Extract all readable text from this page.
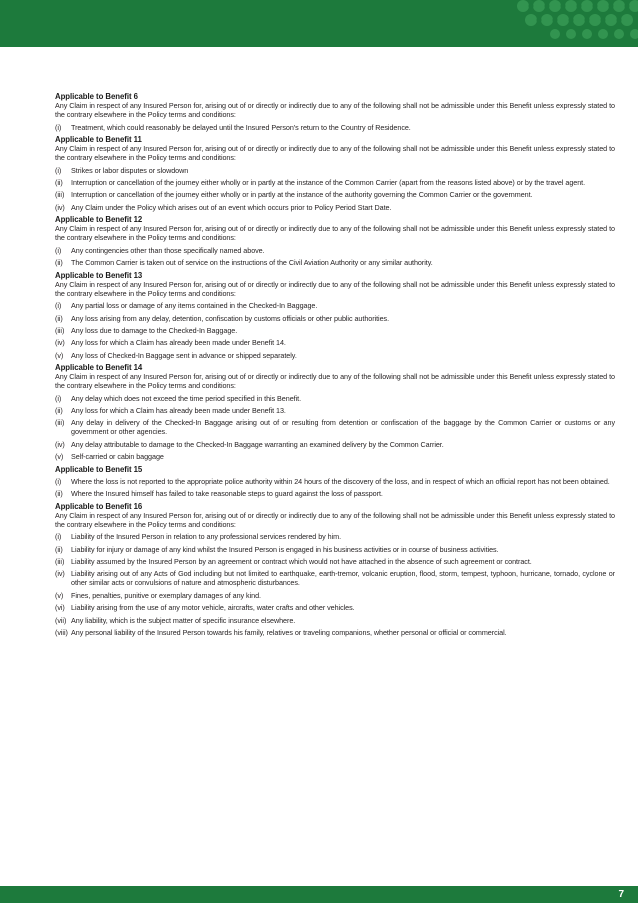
Applicable to Benefit 6
Any Claim in respect of any Insured Person for, arising out of or directly or indirectly due to any of the following shall not be admissible under this Benefit unless expressly stated to the contrary elsewhere in the Policy terms and conditions:
(i)	Treatment, which could reasonably be delayed until the Insured Person's return to the Country of Residence.
Applicable to Benefit 11
Any Claim in respect of any Insured Person for, arising out of or directly or indirectly due to any of the following shall not be admissible under this Benefit unless expressly stated to the contrary elsewhere in the Policy terms and conditions:
(i)	Strikes or labor disputes or slowdown
(ii)	Interruption or cancellation of the journey either wholly or in partly at the instance of the Common Carrier (apart from the reasons listed above) or by the travel agent.
(iii) Interruption or cancellation of the journey either wholly or in partly at the instance of the authority governing the Common Carrier or the government.
(iv) Any Claim under the Policy which arises out of an event which occurs prior to Policy Period Start Date.
Applicable to Benefit 12
Any Claim in respect of any Insured Person for, arising out of or directly or indirectly due to any of the following shall not be admissible under this Benefit unless expressly stated to the contrary elsewhere in the Policy terms and conditions:
(i)	Any contingencies other than those specifically named above.
(ii)	The Common Carrier is taken out of service on the instructions of the Civil Aviation Authority or any similar authority.
Applicable to Benefit 13
Any Claim in respect of any Insured Person for, arising out of or directly or indirectly due to any of the following shall not be admissible under this Benefit unless expressly stated to the contrary elsewhere in the Policy terms and conditions:
(i)	Any partial loss or damage of any items contained in the Checked-In Baggage.
(ii)	Any loss arising from any delay, detention, confiscation by customs officials or other public authorities.
(iii) Any loss due to damage to the Checked-In Baggage.
(iv) Any loss for which a Claim has already been made under Benefit 14.
(v)	Any loss of Checked-In Baggage sent in advance or shipped separately.
Applicable to Benefit 14
Any Claim in respect of any Insured Person for, arising out of or directly or indirectly due to any of the following shall not be admissible under this Benefit unless expressly stated to the contrary elsewhere in the Policy terms and conditions:
(i)	Any delay which does not exceed the time period specified in this Benefit.
(ii)	Any loss for which a Claim has already been made under Benefit 13.
(iii) Any delay in delivery of the Checked-In Baggage arising out of or resulting from detention or confiscation of the baggage by the Common Carrier or customs or any government or other agencies.
(iv) Any delay attributable to damage to the Checked-In Baggage warranting an examined delivery by the Common Carrier.
(v)	Self-carried or cabin baggage
Applicable to Benefit 15
(i)	Where the loss is not reported to the appropriate police authority within 24 hours of the discovery of the loss, and in respect of which an official report has not been obtained.
(ii)	Where the Insured himself has failed to take reasonable steps to guard against the loss of passport.
Applicable to Benefit 16
Any Claim in respect of any Insured Person for, arising out of or directly or indirectly due to any of the following shall not be admissible under this Benefit unless expressly stated to the contrary elsewhere in the Policy terms and conditions:
(i)	Liability of the Insured Person in relation to any professional services rendered by him.
(ii)	Liability for injury or damage of any kind whilst the Insured Person is engaged in his business activities or in course of business activities.
(iii) Liability assumed by the Insured Person by an agreement or contract which would not have attached in the absence of such agreement or contract.
(iv) Liability arising out of any Acts of God including but not limited to earthquake, earth-tremor, volcanic eruption, flood, storm, tempest, typhoon, hurricane, tornado, cyclone or other similar acts or convulsions of nature and atmospheric disturbances.
(v)	Fines, penalties, punitive or exemplary damages of any kind.
(vi) Liability arising from the use of any motor vehicle, aircrafts, water crafts and other vehicles.
(vii) Any liability, which is the subject matter of specific insurance elsewhere.
(viii) Any personal liability of the Insured Person towards his family, relatives or traveling companions, whether personal or official or commercial.
7
